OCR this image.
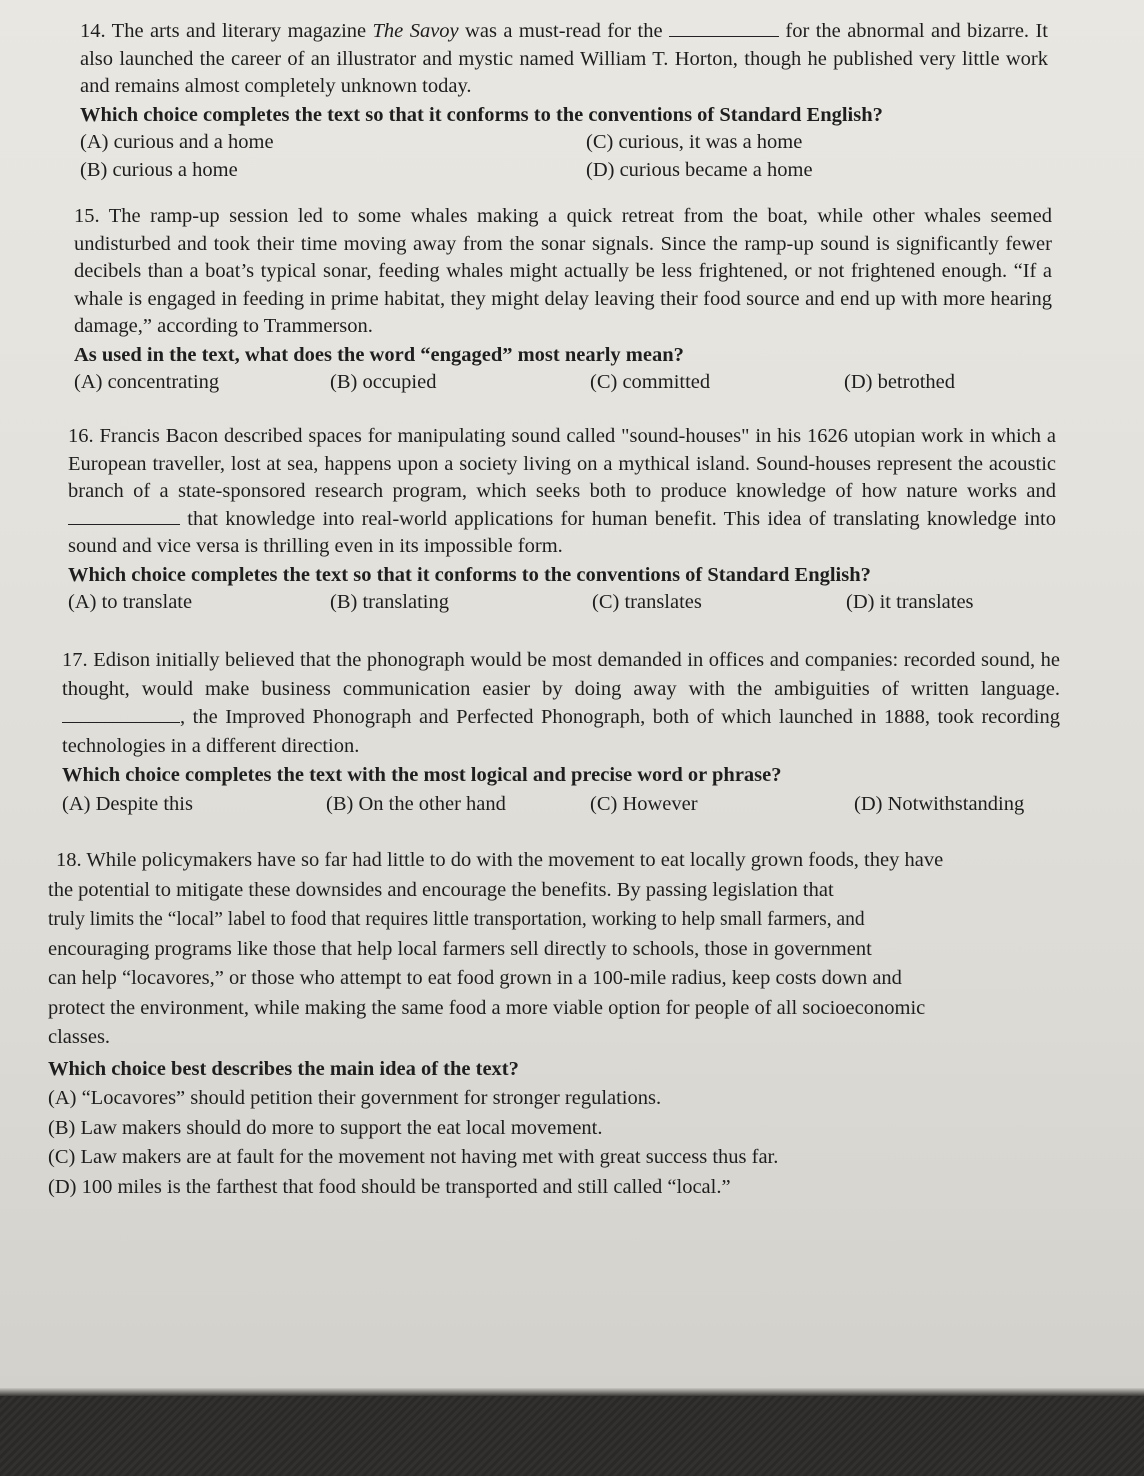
14. The arts and literary magazine The Savoy was a must-read for the	for the abnormal and bizarre. It also launched the career of an illustrator and mystic named William T. Horton, though he published very little work and remains almost completely unknown today.

Which choice completes the text so that it conforms to the conventions of Standard English?

(A) curious and a home	(C) curious, it was a home
(B) curious a home	(D) curious became a home

15. The ramp-up session led to some whales making a quick retreat from the boat, while other whales seemed undisturbed and took their time moving away from the sonar signals. Since the ramp-up sound is significantly fewer decibels than a boat’s typical sonar, feeding whales might actually be less frightened, or not frightened enough. “If a whale is engaged in feeding in prime habitat, they might delay leaving their food source and end up with more hearing damage,” according to Trammerson.

As used in the text, what does the word “engaged” most nearly mean?

(A) concentrating	(B) occupied	(C) committed	(D) betrothed

16. Francis Bacon described spaces for manipulating sound called "sound-houses" in his 1626 utopian work in which a European traveller, lost at sea, happens upon a society living on a mythical island. Sound-houses represent the acoustic branch of a state-sponsored research program, which seeks both to produce knowledge of how nature works and  that knowledge into real-world applications for human benefit. This idea of translating knowledge into sound and vice versa is thrilling even in its impossible form.

Which choice completes the text so that it conforms to the conventions of Standard English?

(A) to translate	(B) translating	(C) translates	(D) it translates

17. Edison initially believed that the phonograph would be most demanded in offices and companies: recorded sound, he thought, would make business communication easier by doing away with the ambiguities of written language. , the Improved Phonograph and Perfected Phonograph, both of which launched in 1888, took recording technologies in a different direction.

Which choice completes the text with the most logical and precise word or phrase?

(A) Despite this	(B) On the other hand	(C) However	(D) Notwithstanding
18. While policymakers have so far had little to do with the movement to eat locally grown foods, they have
the potential to mitigate these downsides and encourage the benefits. By passing legislation that
truly limits the “local” label to food that requires little transportation, working to help small farmers, and
encouraging programs like those that help local farmers sell directly to schools, those in government
can help “locavores,” or those who attempt to eat food grown in a 100-mile radius, keep costs down and
protect the environment, while making the same food a more viable option for people of all socioeconomic
classes.

Which choice best describes the main idea of the text?

(A) “Locavores” should petition their government for stronger regulations.
(B) Law makers should do more to support the eat local movement.
(C) Law makers are at fault for the movement not having met with great success thus far.
(D) 100 miles is the farthest that food should be transported and still called “local.”
